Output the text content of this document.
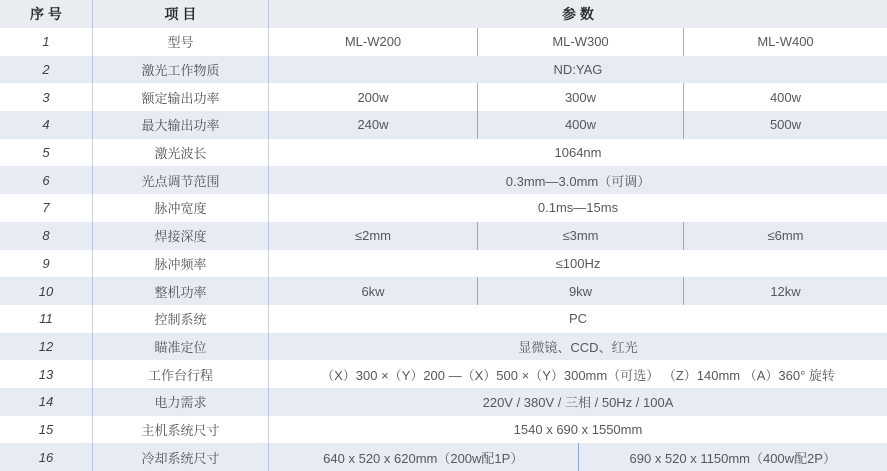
序 号	项 目	参 数
1	型号	ML-W200	ML-W300	ML-W400
2	激光工作物质	ND:YAG
3	额定输出功率	200w	300w	400w
4	最大输出功率	240w	400w	500w
5	激光波长	1064nm
6	光点调节范围	0.3mm—3.0mm（可调）
7	脉冲宽度	0.1ms—15ms
8	焊接深度	≤2mm	≤3mm	≤6mm
9	脉冲频率	≤100Hz
10	整机功率	6kw	9kw	12kw
11	控制系统	PC
12	瞄准定位	显微镜、CCD、红光
13	工作台行程	（X）300 ×（Y）200 —（X）500 ×（Y）300mm（可选） （Z）140mm （A）360° 旋转
14	电力需求	220V / 380V / 三相 / 50Hz / 100A
15	主机系统尺寸	1540 x 690 x 1550mm
16	冷却系统尺寸	640 x 520 x 620mm（200w配1P）	690 x 520 x 1150mm（400w配2P）
